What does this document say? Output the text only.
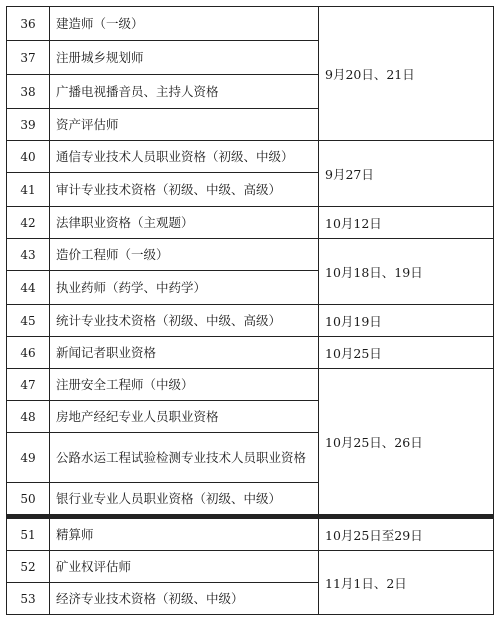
36	建造师（一级）	9月20日、21日
37	注册城乡规划师	
38	广播电视播音员、主持人资格	
39	资产评估师	
40	通信专业技术人员职业资格（初级、中级）	9月27日
41	审计专业技术资格（初级、中级、高级）	
42	法律职业资格（主观题）	10月12日
43	造价工程师（一级）	10月18日、19日
44	执业药师（药学、中药学）	
45	统计专业技术资格（初级、中级、高级）	10月19日
46	新闻记者职业资格	10月25日
47	注册安全工程师（中级）	10月25日、26日
48	房地产经纪专业人员职业资格	
49	公路水运工程试验检测专业技术人员职业资格	
50	银行业专业人员职业资格（初级、中级）	

51	精算师	10月25日至29日
52	矿业权评估师	11月1日、2日
53	经济专业技术资格（初级、中级）	
